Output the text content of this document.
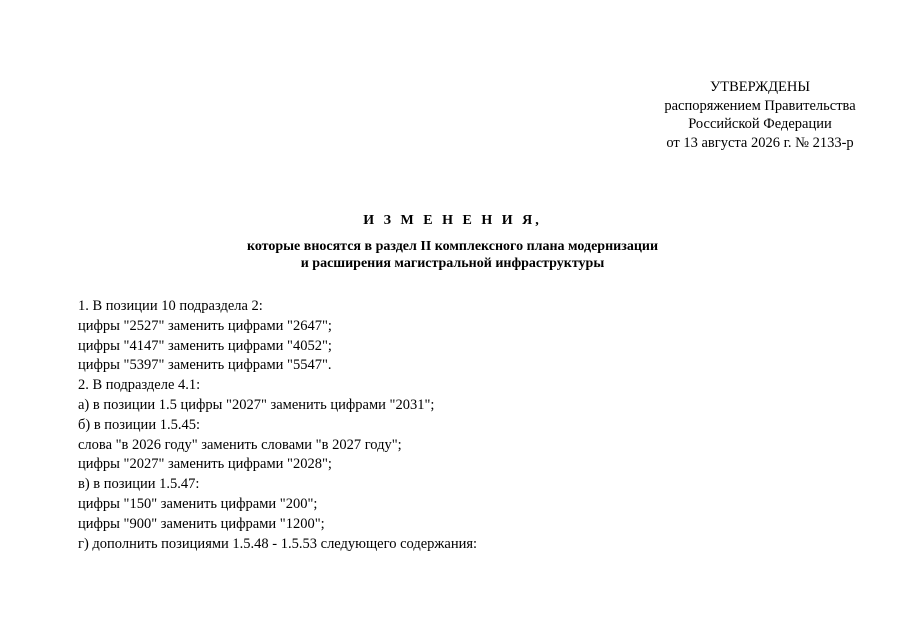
УТВЕРЖДЕНЫ
распоряжением Правительства
Российской Федерации
от 13 августа 2026 г. № 2133-р
И З М Е Н Е Н И Я,
которые вносятся в раздел II комплексного плана модернизации
и расширения магистральной инфраструктуры
1. В позиции 10 подраздела 2:
цифры "2527" заменить цифрами "2647";
цифры "4147" заменить цифрами "4052";
цифры "5397" заменить цифрами "5547".
2. В подразделе 4.1:
а) в позиции 1.5 цифры "2027" заменить цифрами "2031";
б) в позиции 1.5.45:
слова "в 2026 году" заменить словами "в 2027 году";
цифры "2027" заменить цифрами "2028";
в) в позиции 1.5.47:
цифры "150" заменить цифрами "200";
цифры "900" заменить цифрами "1200";
г) дополнить позициями 1.5.48 - 1.5.53 следующего содержания:
